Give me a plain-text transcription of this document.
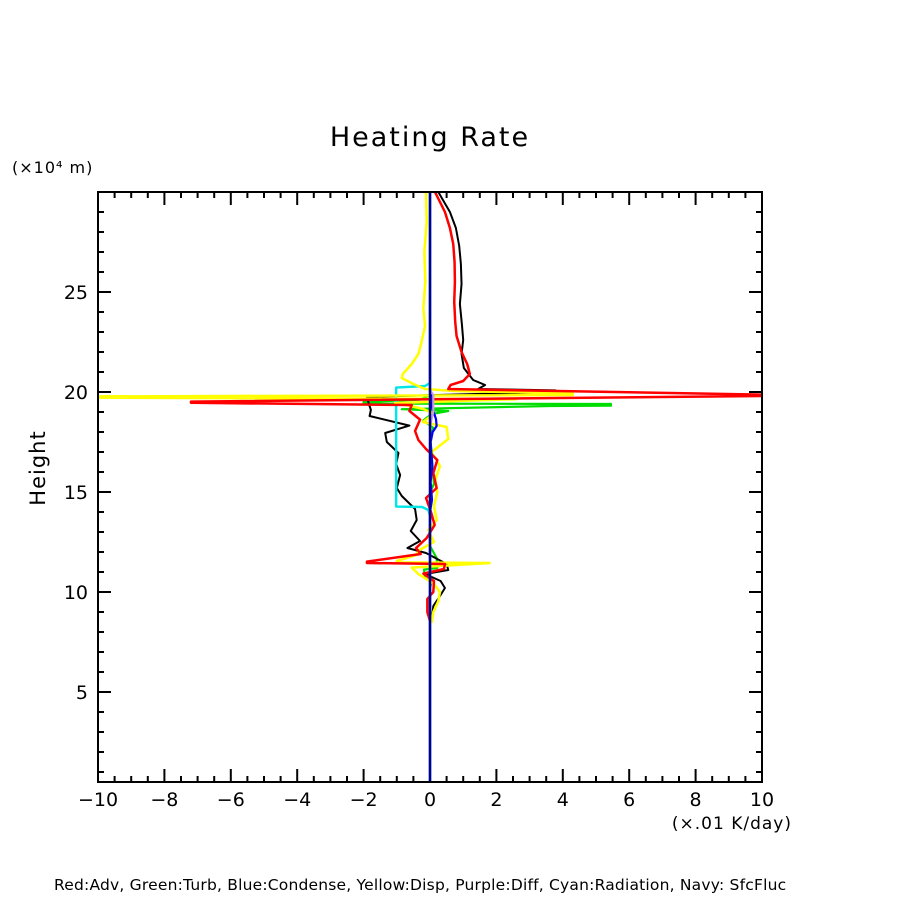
Heating Rate
(×10⁴ m)
Height
−10 −8 −6 −4 −2 0	2	4	6	8	10
5
10
15
20
25
(×.01 K/day)
Red:Adv, Green:Turb, Blue:Condense, Yellow:Disp, Purple:Diff, Cyan:Radiation, Navy: SfcFluc
